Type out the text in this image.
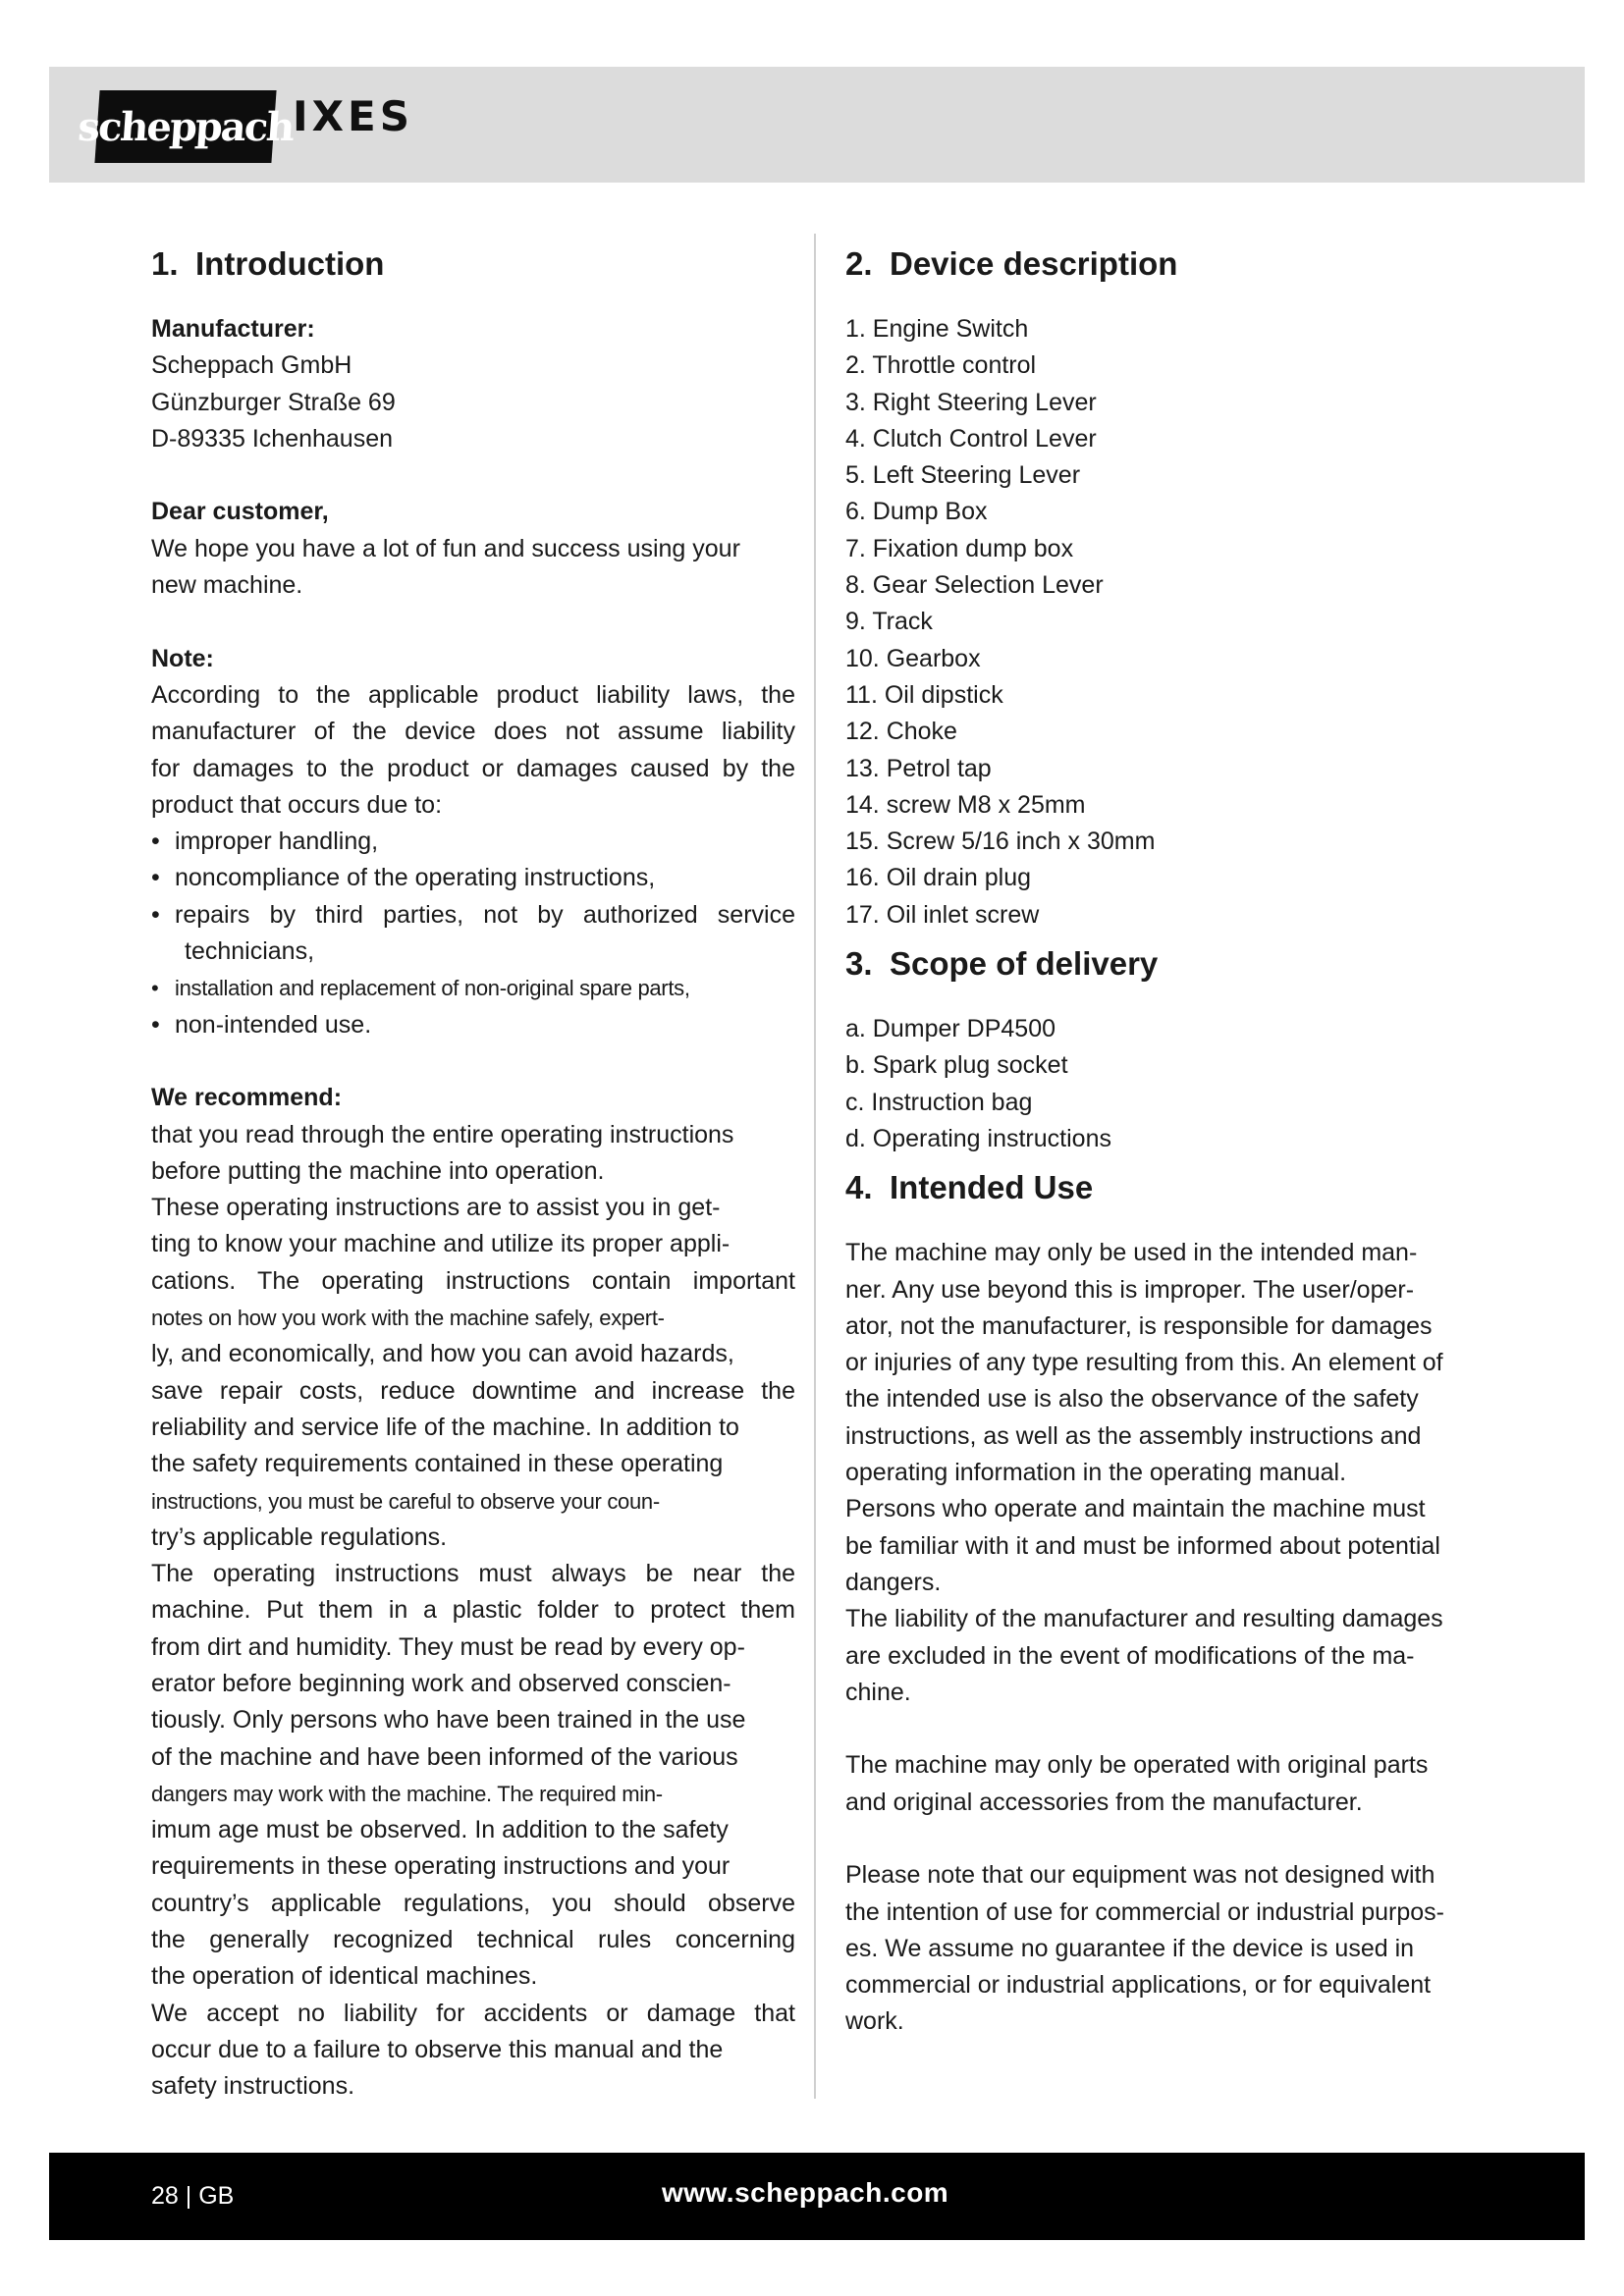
scheppach
IXES
1. Introduction
Manufacturer:
Scheppach GmbH
Günzburger Straße 69
D-89335 Ichenhausen
Dear customer,
We hope you have a lot of fun and success using your
new machine.
Note:
According to the applicable product liability laws, the
manufacturer of the device does not assume liability
for damages to the product or damages caused by the
product that occurs due to:
• improper handling,
• noncompliance of the operating instructions,
• repairs by third parties, not by authorized service
technicians,
• installation and replacement of non-original spare parts,
• non-intended use.
We recommend:
that you read through the entire operating instructions
before putting the machine into operation.
These operating instructions are to assist you in get-
ting to know your machine and utilize its proper appli-
cations. The operating instructions contain important
notes on how you work with the machine safely, expert-
ly, and economically, and how you can avoid hazards,
save repair costs, reduce downtime and increase the
reliability and service life of the machine. In addition to
the safety requirements contained in these operating
instructions, you must be careful to observe your coun-
try’s applicable regulations.
The operating instructions must always be near the
machine. Put them in a plastic folder to protect them
from dirt and humidity. They must be read by every op-
erator before beginning work and observed conscien-
tiously. Only persons who have been trained in the use
of the machine and have been informed of the various
dangers may work with the machine. The required min-
imum age must be observed. In addition to the safety
requirements in these operating instructions and your
country’s applicable regulations, you should observe
the generally recognized technical rules concerning
the operation of identical machines.
We accept no liability for accidents or damage that
occur due to a failure to observe this manual and the
safety instructions.
2. Device description
1. Engine Switch
2. Throttle control
3. Right Steering Lever
4. Clutch Control Lever
5. Left Steering Lever
6. Dump Box
7. Fixation dump box
8. Gear Selection Lever
9. Track
10. Gearbox
11. Oil dipstick
12. Choke
13. Petrol tap
14. screw M8 x 25mm
15. Screw 5/16 inch x 30mm
16. Oil drain plug
17. Oil inlet screw
3. Scope of delivery
a. Dumper DP4500
b. Spark plug socket
c. Instruction bag
d. Operating instructions
4. Intended Use
The machine may only be used in the intended man-
ner. Any use beyond this is improper. The user/oper-
ator, not the manufacturer, is responsible for damages
or injuries of any type resulting from this. An element of
the intended use is also the observance of the safety
instructions, as well as the assembly instructions and
operating information in the operating manual.
Persons who operate and maintain the machine must
be familiar with it and must be informed about potential
dangers.
The liability of the manufacturer and resulting damages
are excluded in the event of modifications of the ma-
chine.
The machine may only be operated with original parts
and original accessories from the manufacturer.
Please note that our equipment was not designed with
the intention of use for commercial or industrial purpos-
es. We assume no guarantee if the device is used in
commercial or industrial applications, or for equivalent
work.
28 | GB	www.scheppach.com
